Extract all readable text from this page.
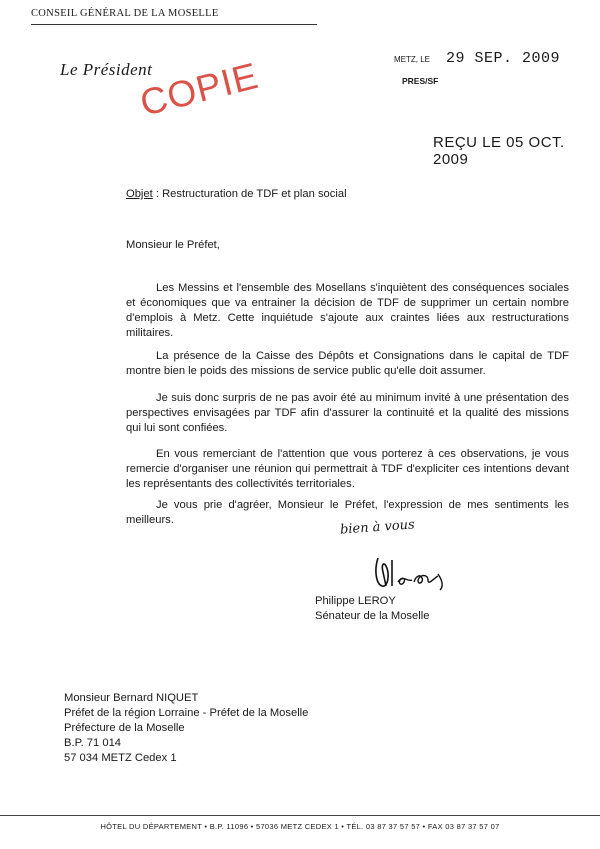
CONSEIL GÉNÉRAL DE LA MOSELLE
Le Président
COPIE	METZ, LE 29 SEP. 2009
PRES/SF
REÇU LE 05 OCT. 2009
Objet : Restructuration de TDF et plan social
Monsieur le Préfet,
Les Messins et l'ensemble des Mosellans s'inquiètent des conséquences sociales et économiques que va entrainer la décision de TDF de supprimer un certain nombre d'emplois à Metz. Cette inquiétude s'ajoute aux craintes liées aux restructurations militaires.
La présence de la Caisse des Dépôts et Consignations dans le capital de TDF montre bien le poids des missions de service public qu'elle doit assumer.
Je suis donc surpris de ne pas avoir été au minimum invité à une présentation des perspectives envisagées par TDF afin d'assurer la continuité et la qualité des missions qui lui sont confiées.
En vous remerciant de l'attention que vous porterez à ces observations, je vous remercie d'organiser une réunion qui permettrait à TDF d'expliciter ces intentions devant les représentants des collectivités territoriales.
Je vous prie d'agréer, Monsieur le Préfet, l'expression de mes sentiments les meilleurs.	bien à vous
Philippe LEROY
Sénateur de la Moselle
Monsieur Bernard NIQUET
Préfet de la région Lorraine - Préfet de la Moselle
Préfecture de la Moselle
B.P. 71 014
57 034 METZ Cedex 1
HÔTEL DU DÉPARTEMENT • B.P. 11096 • 57036 METZ CEDEX 1 • TÉL. 03 87 37 57 57 • FAX 03 87 37 57 07
